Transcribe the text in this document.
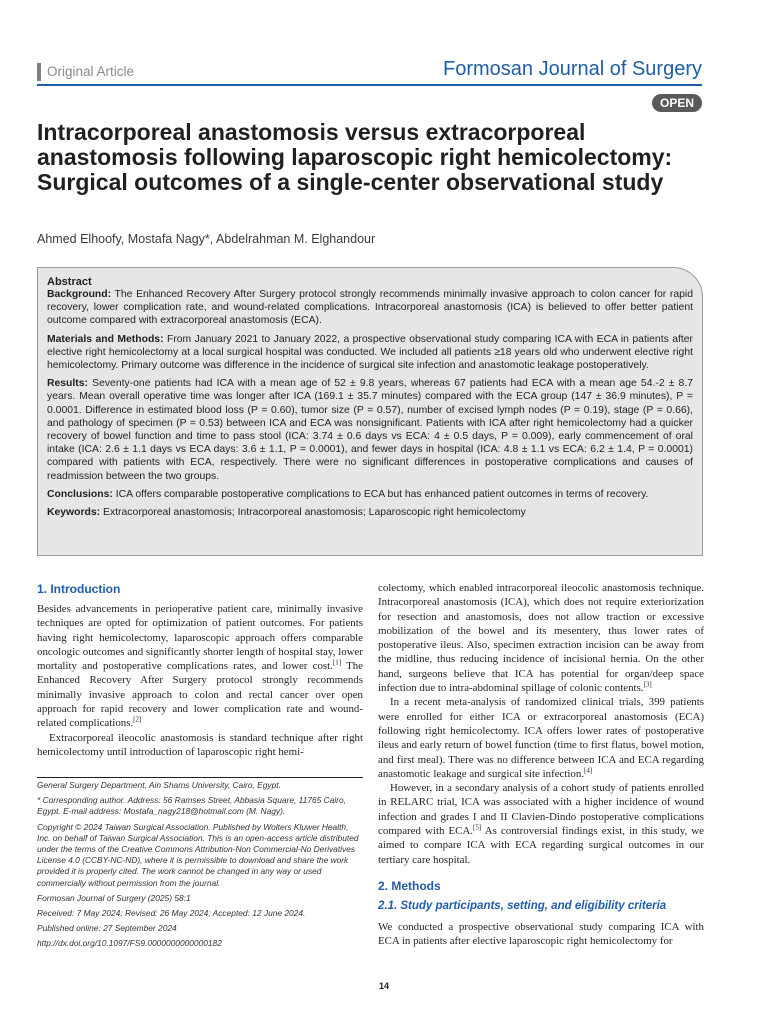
Original Article	Formosan Journal of Surgery
OPEN
Intracorporeal anastomosis versus extracorporeal anastomosis following laparoscopic right hemicolectomy: Surgical outcomes of a single-center observational study
Ahmed Elhoofy, Mostafa Nagy*, Abdelrahman M. Elghandour
Abstract

Background: The Enhanced Recovery After Surgery protocol strongly recommends minimally invasive approach to colon cancer for rapid recovery, lower complication rate, and wound-related complications. Intracorporeal anastomosis (ICA) is believed to offer better patient outcome compared with extracorporeal anastomosis (ECA).

Materials and Methods: From January 2021 to January 2022, a prospective observational study comparing ICA with ECA in patients after elective right hemicolectomy at a local surgical hospital was conducted. We included all patients ≥18 years old who underwent elective right hemicolectomy. Primary outcome was difference in the incidence of surgical site infection and anastomotic leakage postoperatively.

Results: Seventy-one patients had ICA with a mean age of 52 ± 9.8 years, whereas 67 patients had ECA with a mean age 54.-2 ± 8.7 years. Mean overall operative time was longer after ICA (169.1 ± 35.7 minutes) compared with the ECA group (147 ± 36.9 minutes), P = 0.0001. Difference in estimated blood loss (P = 0.60), tumor size (P = 0.57), number of excised lymph nodes (P = 0.19), stage (P = 0.66), and pathology of specimen (P = 0.53) between ICA and ECA was nonsignificant. Patients with ICA after right hemicolectomy had a quicker recovery of bowel function and time to pass stool (ICA: 3.74 ± 0.6 days vs ECA: 4 ± 0.5 days, P = 0.009), early commencement of oral intake (ICA: 2.6 ± 1.1 days vs ECA days: 3.6 ± 1.1, P = 0.0001), and fewer days in hospital (ICA: 4.8 ± 1.1 vs ECA: 6.2 ± 1.4, P = 0.0001) compared with patients with ECA, respectively. There were no significant differences in postoperative complications and causes of readmission between the two groups.

Conclusions: ICA offers comparable postoperative complications to ECA but has enhanced patient outcomes in terms of recovery.

Keywords: Extracorporeal anastomosis; Intracorporeal anastomosis; Laparoscopic right hemicolectomy

1. Introduction

Besides advancements in perioperative patient care, minimally invasive techniques are opted for optimization of patient outcomes. For patients having right hemicolectomy, laparoscopic approach offers comparable oncologic outcomes and significantly shorter length of hospital stay, lower mortality and postoperative complications rates, and lower cost.[1] The Enhanced Recovery After Surgery protocol strongly recommends minimally invasive approach to colon and rectal cancer over open approach for rapid recovery and lower complication rate and wound-related complications.[2]

Extracorporeal ileocolic anastomosis is standard technique after right hemicolectomy until introduction of laparoscopic right hemi-

General Surgery Department, Ain Shams University, Cairo, Egypt.

* Corresponding author. Address: 56 Ramses Street, Abbasia Square, 11765 Cairo, Egypt. E-mail address: Mostafa_nagy218@hotmail.com (M. Nagy).

Copyright © 2024 Taiwan Surgical Association. Published by Wolters Kluwer Health, Inc. on behalf of Taiwan Surgical Association. This is an open-access article distributed under the terms of the Creative Commons Attribution-Non Commercial-No Derivatives License 4.0 (CCBY-NC-ND), where it is permissible to download and share the work provided it is properly cited. The work cannot be changed in any way or used commercially without permission from the journal.

Formosan Journal of Surgery (2025) 58:1

Received: 7 May 2024; Revised: 26 May 2024; Accepted: 12 June 2024.

Published online: 27 September 2024

http://dx.doi.org/10.1097/FS9.0000000000000182

colectomy, which enabled intracorporeal ileocolic anastomosis technique. Intracorporeal anastomosis (ICA), which does not require exteriorization for resection and anastomosis, does not allow traction or excessive mobilization of the bowel and its mesentery, thus lower rates of postoperative ileus. Also, specimen extraction incision can be away from the midline, thus reducing incidence of incisional hernia. On the other hand, surgeons believe that ICA has potential for organ/deep space infection due to intra-abdominal spillage of colonic contents.[3]

In a recent meta-analysis of randomized clinical trials, 399 patients were enrolled for either ICA or extracorporeal anastomosis (ECA) following right hemicolectomy. ICA offers lower rates of postoperative ileus and early return of bowel function (time to first flatus, bowel motion, and first meal). There was no difference between ICA and ECA regarding anastomotic leakage and surgical site infection.[4]

However, in a secondary analysis of a cohort study of patients enrolled in RELARC trial, ICA was associated with a higher incidence of wound infection and grades I and II Clavien-Dindo postoperative complications compared with ECA.[5] As controversial findings exist, in this study, we aimed to compare ICA with ECA regarding surgical outcomes in our tertiary care hospital.

2. Methods
2.1. Study participants, setting, and eligibility criteria

We conducted a prospective observational study comparing ICA with ECA in patients after elective laparoscopic right hemicolectomy for

14
